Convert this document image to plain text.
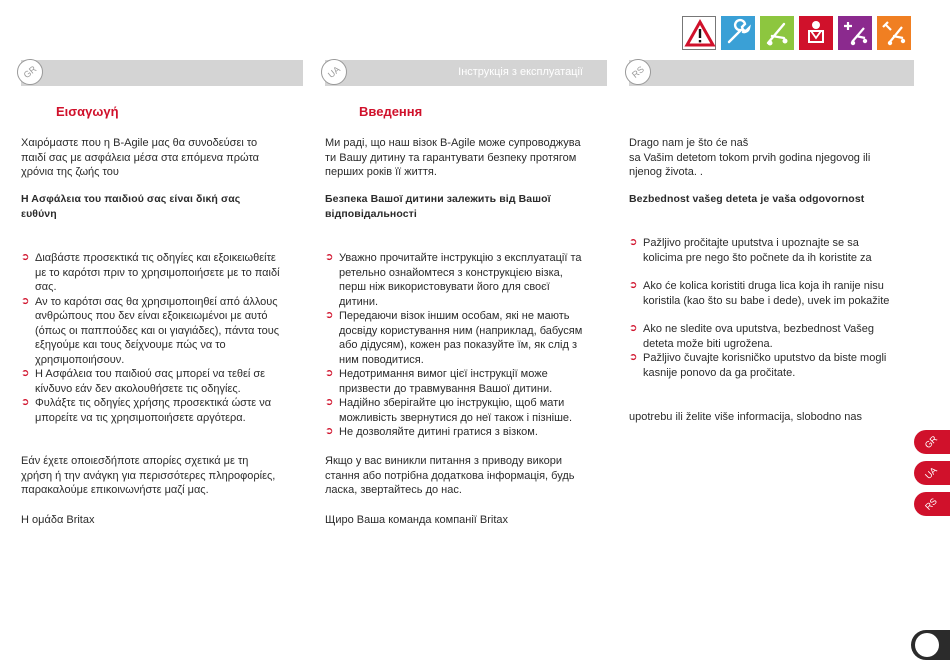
GR
Εισαγωγή
Χαιρόμαστε που η B-Agile μας θα συνοδεύσει το
παιδί σας με ασφάλεια μέσα στα επόμενα πρώτα
χρόνια της ζωής του
Η Ασφάλεια του παιδιού σας είναι δική σας
ευθύνη
➲ Διαβάστε προσεκτικά τις οδηγίες και εξοικειωθείτε
με το καρότσι πριν το χρησιμοποιήσετε με το παιδί
σας.
➲ Αν το καρότσι σας θα χρησιμοποιηθεί από άλλους
ανθρώπους που δεν είναι εξοικειωμένοι με αυτό
(όπως οι παππούδες και οι γιαγιάδες), πάντα τους
εξηγούμε και τους δείχνουμε πώς να το
χρησιμοποιήσουν.
➲ Η Ασφάλεια του παιδιού σας μπορεί να τεθεί σε
κίνδυνο εάν δεν ακολουθήσετε τις οδηγίες.
➲ Φυλάξτε τις οδηγίες χρήσης προσεκτικά ώστε να
μπορείτε να τις χρησιμοποιήσετε αργότερα.
Εάν έχετε οποιεσδήποτε απορίες σχετικά με τη
χρήση ή την ανάγκη για περισσότερες πληροφορίες,
παρακαλούμε επικοινωνήστε μαζί μας.
Η ομάδα Britax
UA	Інструкція з експлуатації
Введення
Ми раді, що наш візок B-Agile може супроводжува
ти Вашу дитину та гарантувати безпеку протягом
перших років її життя.
Безпека Вашої дитини залежить від Вашої
відповідальності
➲ Уважно прочитайте інструкцію з експлуатації та
ретельно ознайомтеся з конструкцією візка,
перш ніж використовувати його для своєї
дитини.
➲ Передаючи візок іншим особам, які не мають
досвіду користування ним (наприклад, бабусям
або дідусям), кожен раз показуйте їм, як слід з
ним поводитися.
➲ Недотримання вимог цієї інструкції може
призвести до травмування Вашої дитини.
➲ Надійно зберігайте цю інструкцію, щоб мати
можливість звернутися до неї також і пізніше.
➲ Не дозволяйте дитині гратися з візком.
Якщо у вас виникли питання з приводу викори
стання або потрібна додаткова інформація, будь
ласка, звертайтесь до нас.
Щиро Ваша команда компанії Britax
RS
Drago nam je što će naš
sa Vašim detetom tokom prvih godina njegovog ili
njenog života. .
Bezbednost vašeg deteta je vaša odgovornost
➲ Pažljivo pročitajte uputstva i upoznajte se sa
kolicima pre nego što počnete da ih koristite za
➲ Ako će kolica koristiti druga lica koja ih ranije nisu
koristila (kao što su babe i dede), uvek im pokažite
➲ Ako ne sledite ova uputstva, bezbednost Vašeg
deteta može biti ugrožena.
➲ Pažljivo čuvajte korisničko uputstvo da biste mogli
kasnije ponovo da ga pročitate.
upotrebu ili želite više informacija, slobodno nas
GR
UA
RS
